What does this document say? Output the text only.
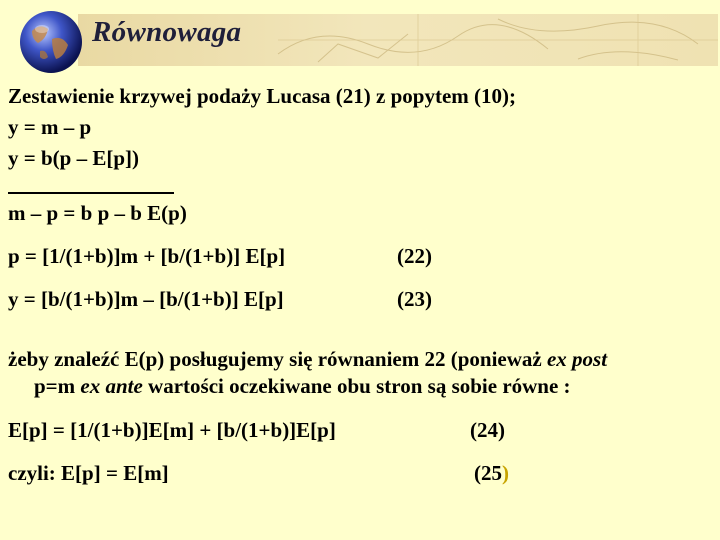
Równowaga
Zestawienie krzywej podaży Lucasa (21) z popytem (10);
y = m – p
y = b(p – E[p])
m – p = b p – b E(p)
p = [1/(1+b)]m + [b/(1+b)] E[p]	(22)
y = [b/(1+b)]m – [b/(1+b)] E[p]	(23)
żeby znaleźć E(p) posługujemy się równaniem 22 (ponieważ ex post
p=m ex ante wartości oczekiwane obu stron są sobie równe :
E[p] = [1/(1+b)]E[m] + [b/(1+b)]E[p]	(24)
czyli: E[p] = E[m]	(25)
